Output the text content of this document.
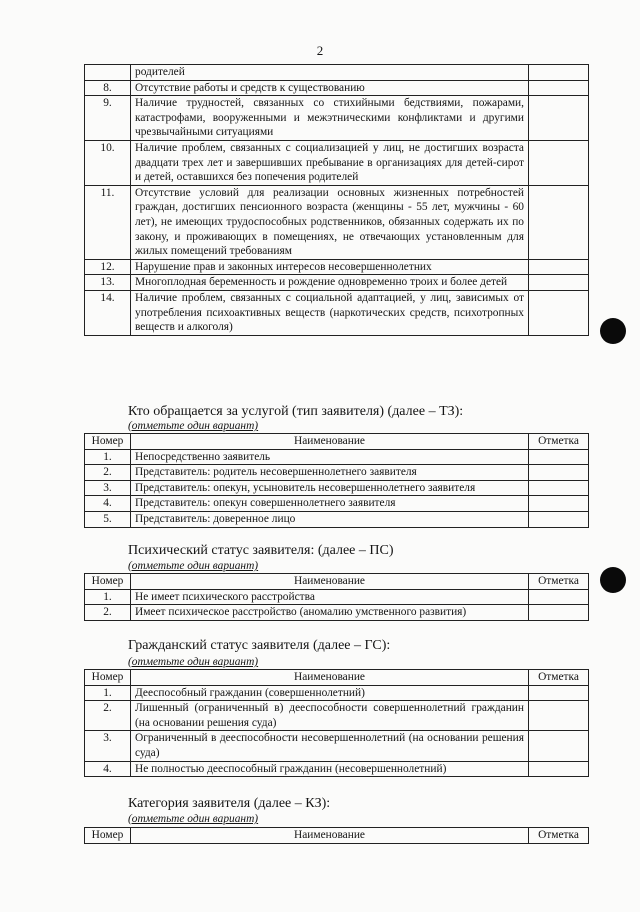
2
	родителей	
8.	Отсутствие работы и средств к существованию	
9.	Наличие трудностей, связанных со стихийными бедствиями, пожарами, катастрофами, вооруженными и межэтническими конфликтами и другими чрезвычайными ситуациями	
10.	Наличие проблем, связанных с социализацией у лиц, не достигших возраста двадцати трех лет и завершивших пребывание в организациях для детей-сирот и детей, оставшихся без попечения родителей	
11.	Отсутствие условий для реализации основных жизненных потребностей граждан, достигших пенсионного возраста (женщины - 55 лет, мужчины - 60 лет), не имеющих трудоспособных родственников, обязанных содержать их по закону, и проживающих в помещениях, не отвечающих установленным для жилых помещений требованиям	
12.	Нарушение прав и законных интересов несовершеннолетних	
13.	Многоплодная беременность и рождение одновременно троих и более детей	
14.	Наличие проблем, связанных с социальной адаптацией, у лиц, зависимых от употребления психоактивных веществ (наркотических средств, психотропных веществ и алкоголя)	
Кто обращается за услугой (тип заявителя) (далее – ТЗ):
(отметьте один вариант)
Номер	Наименование	Отметка
1.	Непосредственно заявитель	
2.	Представитель: родитель несовершеннолетнего заявителя	
3.	Представитель: опекун, усыновитель несовершеннолетнего заявителя	
4.	Представитель: опекун совершеннолетнего заявителя	
5.	Представитель: доверенное лицо	
Психический статус заявителя: (далее – ПС)
(отметьте один вариант)
Номер	Наименование	Отметка
1.	Не имеет психического расстройства	
2.	Имеет психическое расстройство (аномалию умственного развития)	
Гражданский статус заявителя (далее – ГС):
(отметьте один вариант)
Номер	Наименование	Отметка
1.	Дееспособный гражданин (совершеннолетний)	
2.	Лишенный (ограниченный в) дееспособности совершеннолетний гражданин (на основании решения суда)	
3.	Ограниченный в дееспособности несовершеннолетний (на основании решения суда)	
4.	Не полностью дееспособный гражданин (несовершеннолетний)	
Категория заявителя (далее – КЗ):
(отметьте один вариант)
Номер	Наименование	Отметка
